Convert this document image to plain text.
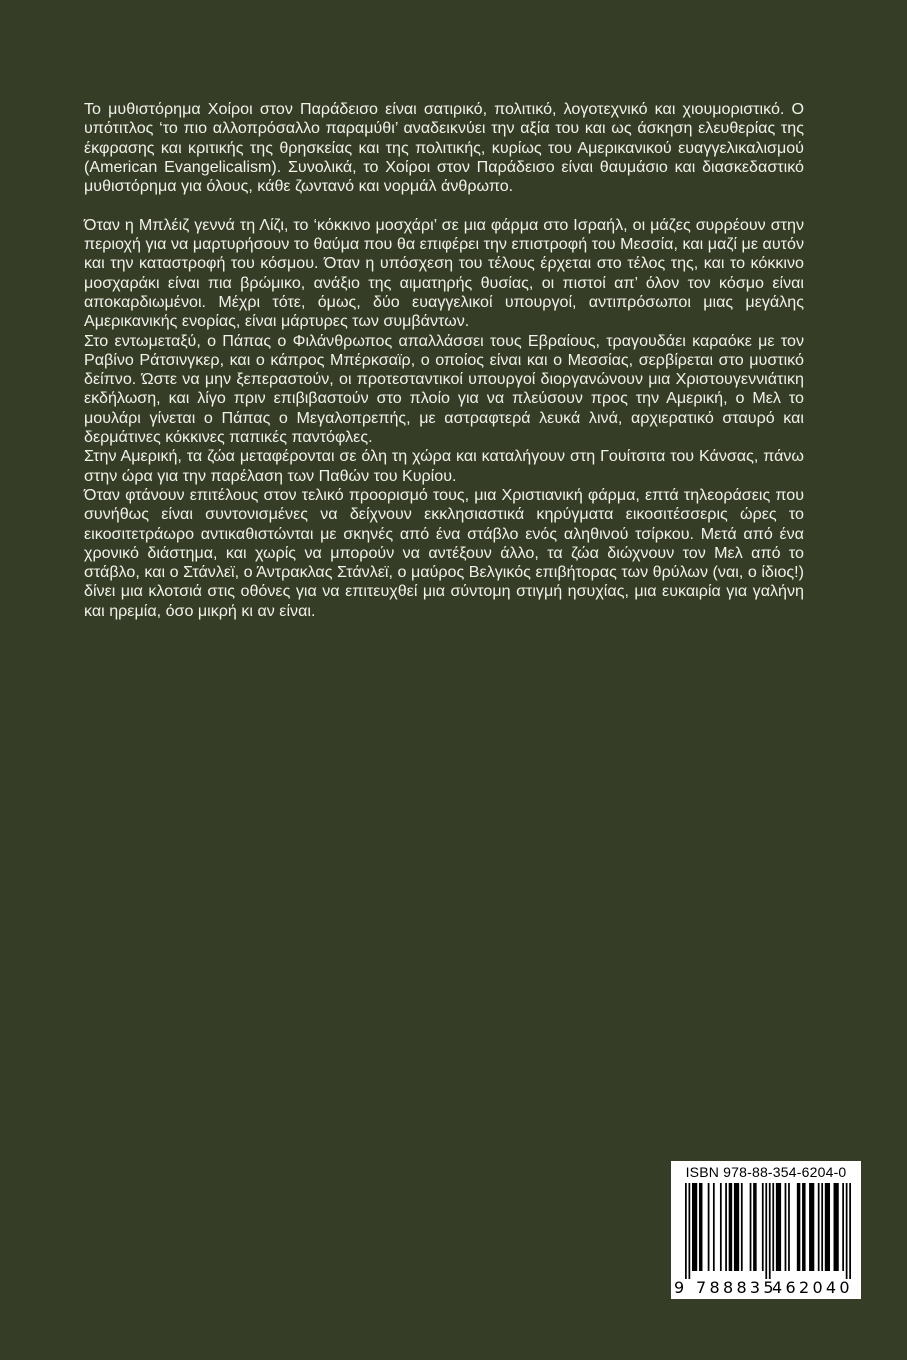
Το μυθιστόρημα Χοίροι στον Παράδεισο είναι σατιρικό, πολιτικό, λογοτεχνικό και χιουμοριστικό. Ο υπότιτλος ‘το πιο αλλοπρόσαλλο παραμύθι’ αναδεικνύει την αξία του και ως άσκηση ελευθερίας της έκφρασης και κριτικής της θρησκείας και της πολιτικής, κυρίως του Αμερικανικού ευαγγελικαλισμού (American Evangelicalism). Συνολικά, το Χοίροι στον Παράδεισο είναι θαυμάσιο και διασκεδαστικό μυθιστόρημα για όλους, κάθε ζωντανό και νορμάλ άνθρωπο.

Όταν η Μπλέιζ γεννά τη Λίζι, το ‘κόκκινο μοσχάρι’ σε μια φάρμα στο Ισραήλ, οι μάζες συρρέουν στην περιοχή για να μαρτυρήσουν το θαύμα που θα επιφέρει την επιστροφή του Μεσσία, και μαζί με αυτόν και την καταστροφή του κόσμου. Όταν η υπόσχεση του τέλους έρχεται στο τέλος της, και το κόκκινο μοσχαράκι είναι πια βρώμικο, ανάξιο της αιματηρής θυσίας, οι πιστοί απ’ όλον τον κόσμο είναι αποκαρδιωμένοι. Μέχρι τότε, όμως, δύο ευαγγελικοί υπουργοί, αντιπρόσωποι μιας μεγάλης Αμερικανικής ενορίας, είναι μάρτυρες των συμβάντων.

Στο εντωμεταξύ, ο Πάπας ο Φιλάνθρωπος απαλλάσσει τους Εβραίους, τραγουδάει καραόκε με τον Ραβίνο Ράτσινγκερ, και ο κάπρος Μπέρκσαϊρ, ο οποίος είναι και ο Μεσσίας, σερβίρεται στο μυστικό δείπνο. Ώστε να μην ξεπεραστούν, οι προτεσταντικοί υπουργοί διοργανώνουν μια Χριστουγεννιάτικη εκδήλωση, και λίγο πριν επιβιβαστούν στο πλοίο για να πλεύσουν προς την Αμερική, ο Μελ το μουλάρι γίνεται ο Πάπας ο Μεγαλοπρεπής, με αστραφτερά λευκά λινά, αρχιερατικό σταυρό και δερμάτινες κόκκινες παπικές παντόφλες.

Στην Αμερική, τα ζώα μεταφέρονται σε όλη τη χώρα και καταλήγουν στη Γουίτσιτα του Κάνσας, πάνω στην ώρα για την παρέλαση των Παθών του Κυρίου.

Όταν φτάνουν επιτέλους στον τελικό προορισμό τους, μια Χριστιανική φάρμα, επτά τηλεοράσεις που συνήθως είναι συντονισμένες να δείχνουν εκκλησιαστικά κηρύγματα εικοσιτέσσερις ώρες το εικοσιτετράωρο αντικαθιστώνται με σκηνές από ένα στάβλο ενός αληθινού τσίρκου. Μετά από ένα χρονικό διάστημα, και χωρίς να μπορούν να αντέξουν άλλο, τα ζώα διώχνουν τον Μελ από το στάβλο, και ο Στάνλεϊ, ο Άντρακλας Στάνλεϊ, ο μαύρος Βελγικός επιβήτορας των θρύλων (ναι, ο ίδιος!) δίνει μια κλοτσιά στις οθόνες για να επιτευχθεί μια σύντομη στιγμή ησυχίας, μια ευκαιρία για γαλήνη και ηρεμία, όσο μικρή κι αν είναι.

ISBN 978-88-354-6204-0
9 788835
462040
